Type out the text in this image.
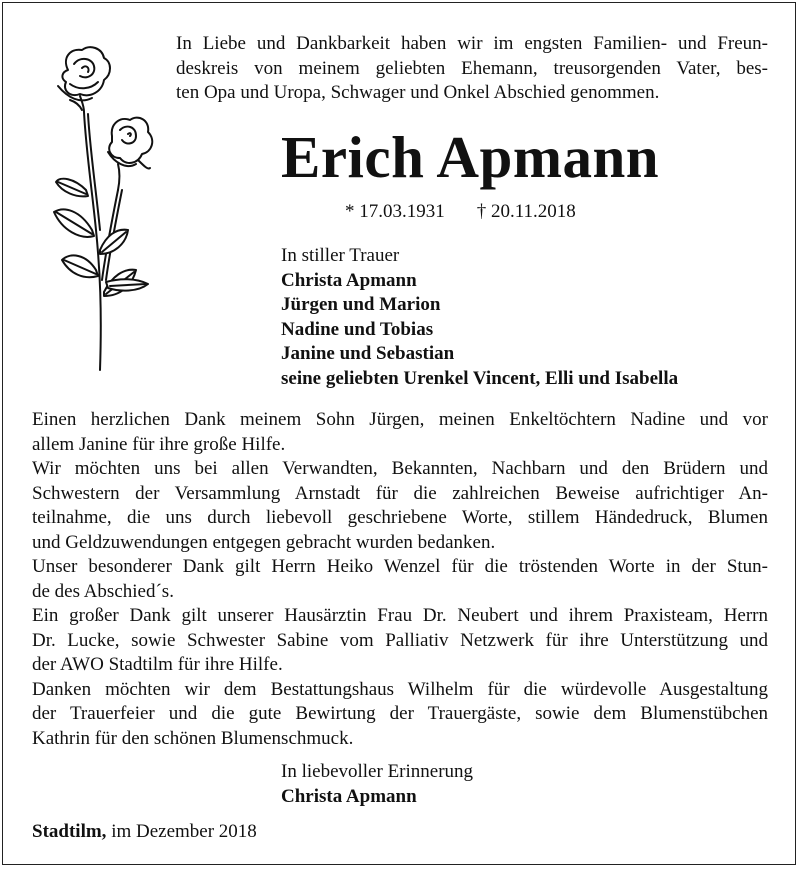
In Liebe und Dankbarkeit haben wir im engsten Familien- und Freun-
deskreis von meinem geliebten Ehemann, treusorgenden Vater, bes-
ten Opa und Uropa, Schwager und Onkel Abschied genommen.
Erich Apmann
* 17.03.1931 † 20.11.2018
In stiller Trauer
Christa Apmann
Jürgen und Marion
Nadine und Tobias
Janine und Sebastian
seine geliebten Urenkel Vincent, Elli und Isabella
Einen herzlichen Dank meinem Sohn Jürgen, meinen Enkeltöchtern Nadine und vor
allem Janine für ihre große Hilfe.
Wir möchten uns bei allen Verwandten, Bekannten, Nachbarn und den Brüdern und
Schwestern der Versammlung Arnstadt für die zahlreichen Beweise aufrichtiger An-
teilnahme, die uns durch liebevoll geschriebene Worte, stillem Händedruck, Blumen
und Geldzuwendungen entgegen gebracht wurden bedanken.
Unser besonderer Dank gilt Herrn Heiko Wenzel für die tröstenden Worte in der Stun-
de des Abschied´s.
Ein großer Dank gilt unserer Hausärztin Frau Dr. Neubert und ihrem Praxisteam, Herrn
Dr. Lucke, sowie Schwester Sabine vom Palliativ Netzwerk für ihre Unterstützung und
der AWO Stadtilm für ihre Hilfe.
Danken möchten wir dem Bestattungshaus Wilhelm für die würdevolle Ausgestaltung
der Trauerfeier und die gute Bewirtung der Trauergäste, sowie dem Blumenstübchen
Kathrin für den schönen Blumenschmuck.
In liebevoller Erinnerung
Christa Apmann
Stadtilm, im Dezember 2018
